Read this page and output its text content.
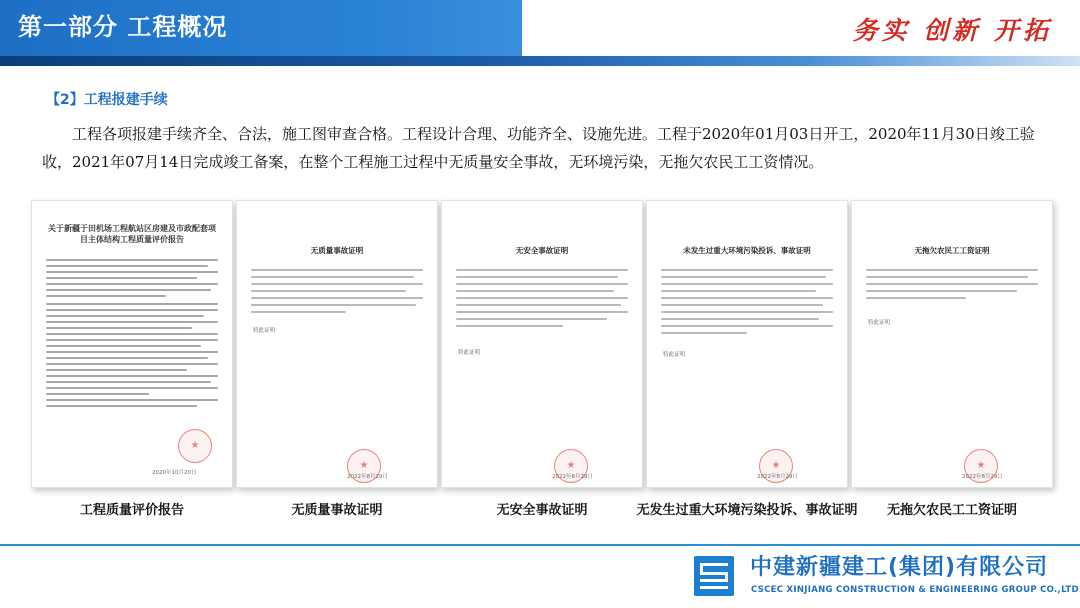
第一部分 工程概况	务实 创新 开拓
【2】工程报建手续

工程各项报建手续齐全、合法，施工图审查合格。工程设计合理、功能齐全、设施先进。工程于2020年01月03日开工，2020年11月30日竣工验收，2021年07月14日完成竣工备案，在整个工程施工过程中无质量安全事故，无环境污染，无拖欠农民工工资情况。

关于新疆于田机场工程航站区房建及市政配套项目主体结构工程质量评价报告
★
2020年10月20日
工程质量评价报告
无质量事故证明
特此证明
★
2022年8月29日
无质量事故证明
无安全事故证明
特此证明
★
2022年8月29日
无安全事故证明
未发生过重大环境污染投诉、事故证明
特此证明
★
2022年8月29日
无发生过重大环境污染投诉、事故证明
无拖欠农民工工资证明
特此证明
★
2022年8月29日
无拖欠农民工工资证明
中建新疆建工(集团)有限公司
CSCEC XINJIANG CONSTRUCTION & ENGINEERING GROUP CO.,LTD
